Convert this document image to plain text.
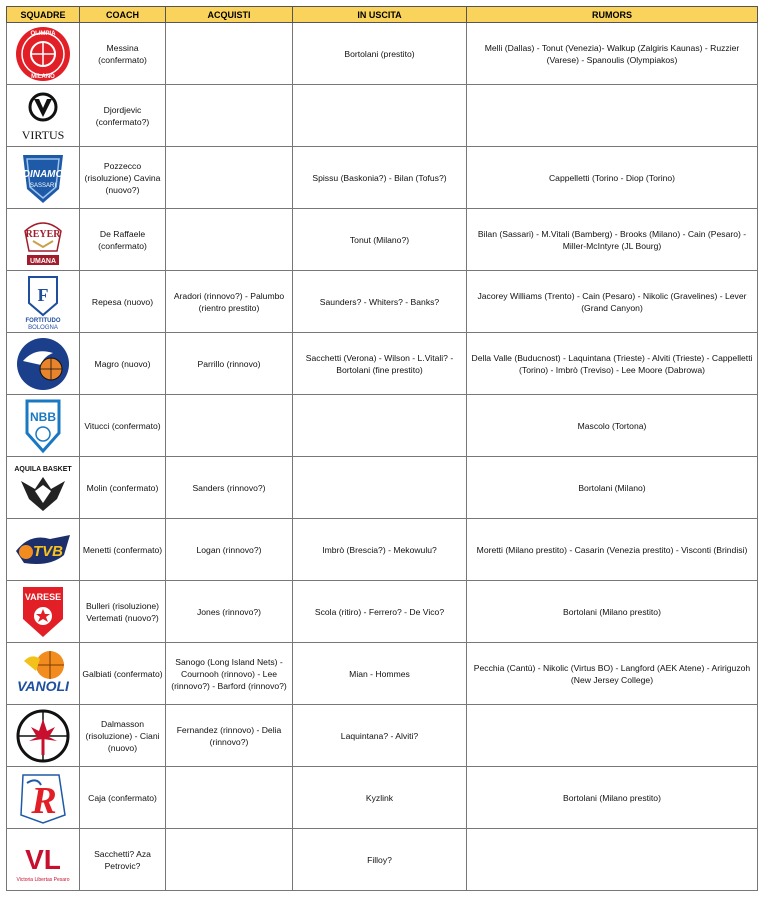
SQUADRE	COACH	ACQUISTI	IN USCITA	RUMORS

OLIMPIA
MILANO	Messina (confermato)		Bortolani (prestito)	Melli (Dallas) - Tonut (Venezia)- Walkup (Zalgiris Kaunas) - Ruzzier (Varese) - Spanoulis (Olympiakos)

VIRTUS	Djordjevic (confermato?)			

DINAMO
SASSARI	Pozzecco (risoluzione) Cavina (nuovo?)		Spissu (Baskonia?) - Bilan (Tofus?)	Cappelletti (Torino - Diop (Torino)

REYER
UMANA	De Raffaele (confermato)		Tonut (Milano?)	Bilan (Sassari) - M.Vitali (Bamberg) - Brooks (Milano) - Cain (Pesaro) - Miller-McIntyre (JL Bourg)

F
FORTITUDO
BOLOGNA	Repesa (nuovo)	Aradori (rinnovo?) - Palumbo (rientro prestito)	Saunders? - Whiters? - Banks?	Jacorey Williams (Trento) - Cain (Pesaro) - Nikolic (Gravelines) - Lever (Grand Canyon)

	Magro (nuovo)	Parrillo (rinnovo)	Sacchetti (Verona) - Wilson - L.Vitali? - Bortolani (fine prestito)	Della Valle (Buducnost) - Laquintana (Trieste) - Alviti (Trieste) - Cappelletti (Torino) - Imbrò (Treviso) - Lee Moore (Dabrowa)

NBB	Vitucci (confermato)			Mascolo (Tortona)

AQUILA BASKET	Molin (confermato)	Sanders (rinnovo?)		Bortolani (Milano)

TVB	Menetti (confermato)	Logan (rinnovo?)	Imbrò (Brescia?) - Mekowulu?	Moretti (Milano prestito) - Casarin (Venezia prestito) - Visconti (Brindisi)

VARESE	Bulleri (risoluzione) Vertemati (nuovo?)	Jones (rinnovo?)	Scola (ritiro) - Ferrero? - De Vico?	Bortolani (Milano prestito)

VANOLI	Galbiati (confermato)	Sanogo (Long Island Nets) - Cournooh (rinnovo) - Lee (rinnovo?) - Barford (rinnovo?)	Mian - Hommes	Pecchia (Cantù) - Nikolic (Virtus BO) - Langford (AEK Atene) - Aririguzoh (New Jersey College)

	Dalmasson (risoluzione) - Ciani (nuovo)	Fernandez (rinnovo) - Delia (rinnovo?)	Laquintana? - Alviti?	

R	Caja (confermato)		Kyzlink	Bortolani (Milano prestito)

VL
Victoria Libertas Pesaro	Sacchetti? Aza Petrovic?		Filloy?	
